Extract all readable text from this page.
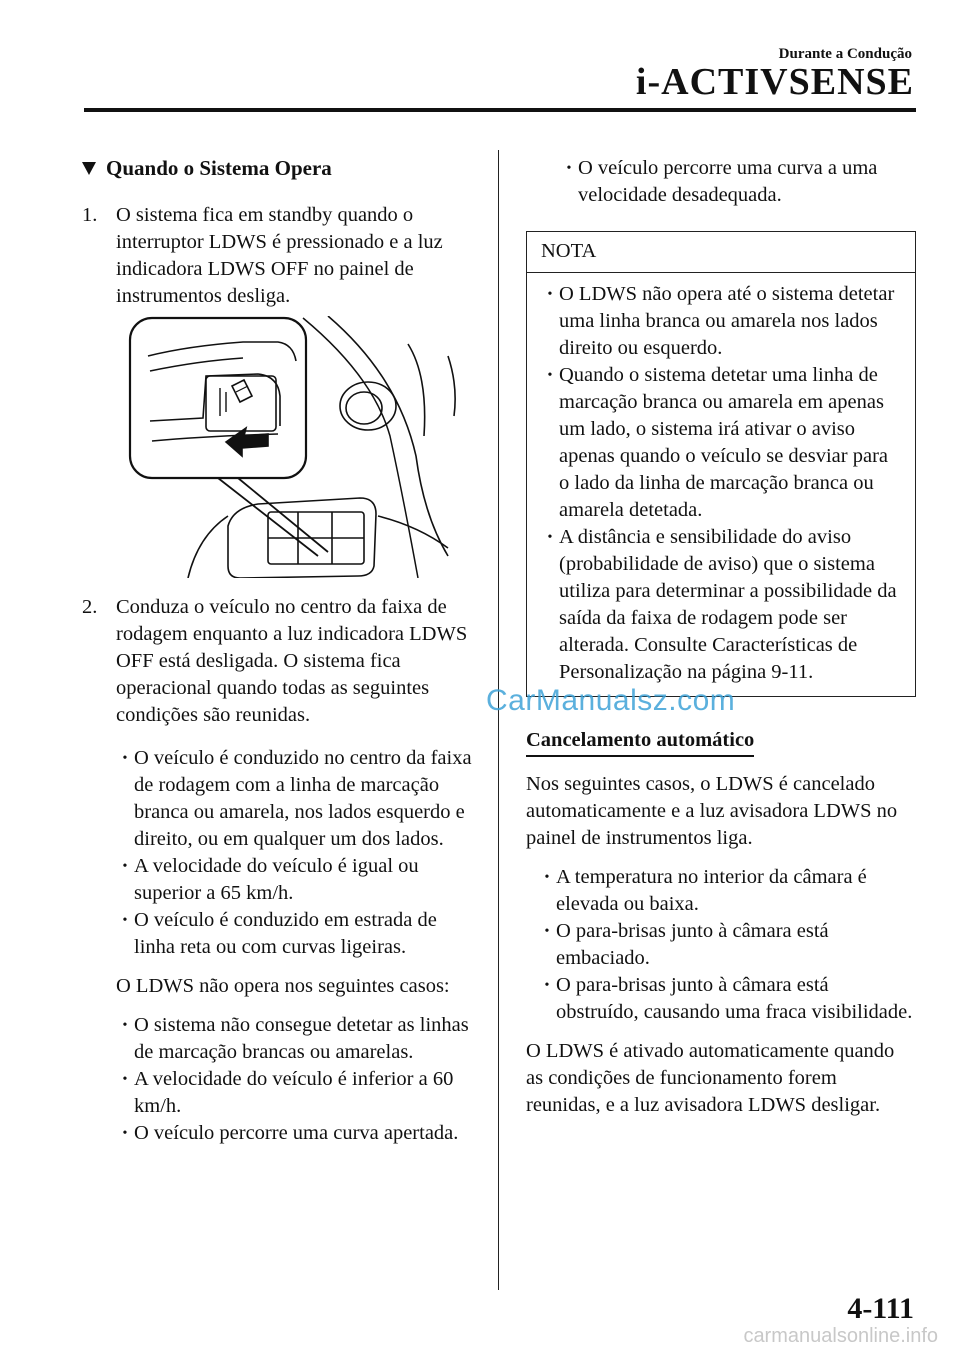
Durante a Condução
i-ACTIVSENSE
Quando o Sistema Opera
1. O sistema fica em standby quando o interruptor LDWS é pressionado e a luz indicadora LDWS OFF no painel de instrumentos desliga.
2. Conduza o veículo no centro da faixa de rodagem enquanto a luz indicadora LDWS OFF está desligada. O sistema fica operacional quando todas as seguintes condições são reunidas.
• O veículo é conduzido no centro da faixa de rodagem com a linha de marcação branca ou amarela, nos lados esquerdo e direito, ou em qualquer um dos lados.
• A velocidade do veículo é igual ou superior a 65 km/h.
• O veículo é conduzido em estrada de linha reta ou com curvas ligeiras.

O LDWS não opera nos seguintes casos:

• O sistema não consegue detetar as linhas de marcação brancas ou amarelas.
• A velocidade do veículo é inferior a 60 km/h.
• O veículo percorre uma curva apertada.
• O veículo percorre uma curva a uma velocidade desadequada.
NOTA
• O LDWS não opera até o sistema detetar uma linha branca ou amarela nos lados direito ou esquerdo.
• Quando o sistema detetar uma linha de marcação branca ou amarela em apenas um lado, o sistema irá ativar o aviso apenas quando o veículo se desviar para o lado da linha de marcação branca ou amarela detetada.
• A distância e sensibilidade do aviso (probabilidade de aviso) que o sistema utiliza para determinar a possibilidade da saída da faixa de rodagem pode ser alterada. Consulte Características de Personalização na página 9-11.
Cancelamento automático

Nos seguintes casos, o LDWS é cancelado automaticamente e a luz avisadora LDWS no painel de instrumentos liga.

• A temperatura no interior da câmara é elevada ou baixa.
• O para-brisas junto à câmara está embaciado.
• O para-brisas junto à câmara está obstruído, causando uma fraca visibilidade.

O LDWS é ativado automaticamente quando as condições de funcionamento forem reunidas, e a luz avisadora LDWS desligar.

CarManualsz.com
4-111
carmanualsonline.info
